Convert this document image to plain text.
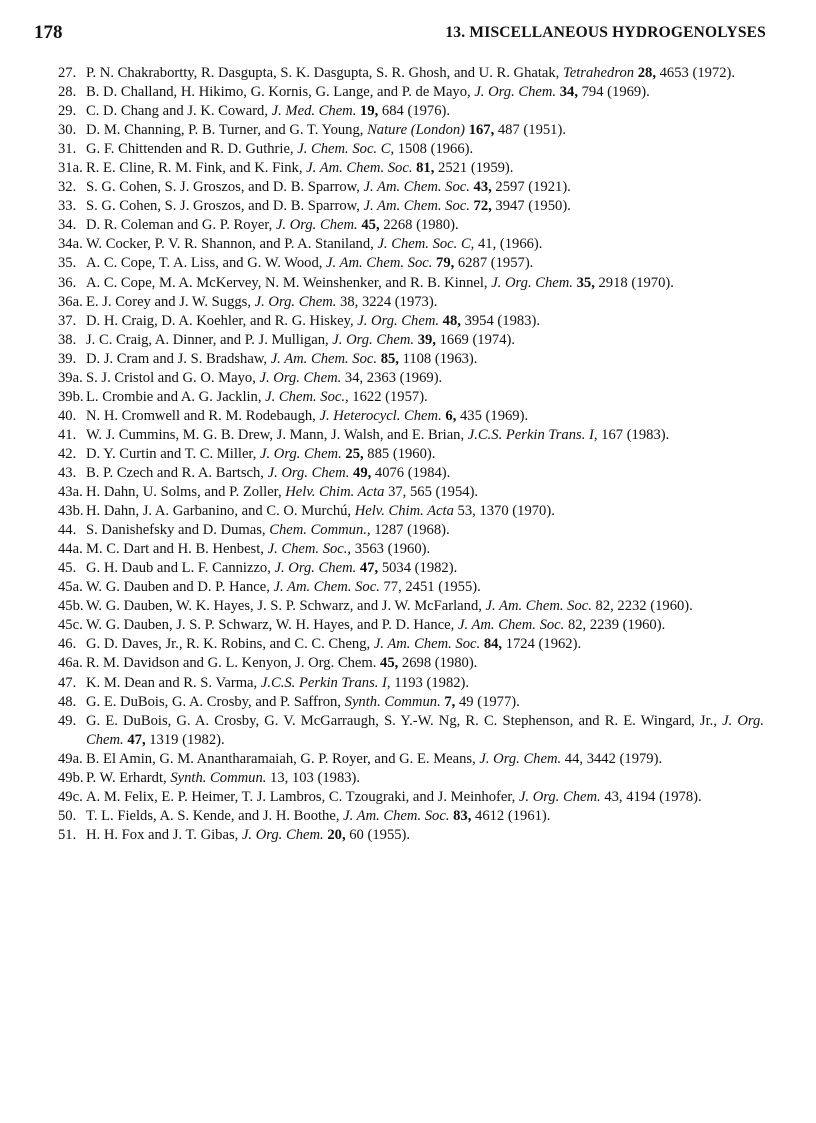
178	13. MISCELLANEOUS HYDROGENOLYSES
27. P. N. Chakrabortty, R. Dasgupta, S. K. Dasgupta, S. R. Ghosh, and U. R. Ghatak, Tetrahedron 28, 4653 (1972).
28. B. D. Challand, H. Hikimo, G. Kornis, G. Lange, and P. de Mayo, J. Org. Chem. 34, 794 (1969).
29. C. D. Chang and J. K. Coward, J. Med. Chem. 19, 684 (1976).
30. D. M. Channing, P. B. Turner, and G. T. Young, Nature (London) 167, 487 (1951).
31. G. F. Chittenden and R. D. Guthrie, J. Chem. Soc. C, 1508 (1966).
31a. R. E. Cline, R. M. Fink, and K. Fink, J. Am. Chem. Soc. 81, 2521 (1959).
32. S. G. Cohen, S. J. Groszos, and D. B. Sparrow, J. Am. Chem. Soc. 43, 2597 (1921).
33. S. G. Cohen, S. J. Groszos, and D. B. Sparrow, J. Am. Chem. Soc. 72, 3947 (1950).
34. D. R. Coleman and G. P. Royer, J. Org. Chem. 45, 2268 (1980).
34a. W. Cocker, P. V. R. Shannon, and P. A. Staniland, J. Chem. Soc. C, 41, (1966).
35. A. C. Cope, T. A. Liss, and G. W. Wood, J. Am. Chem. Soc. 79, 6287 (1957).
36. A. C. Cope, M. A. McKervey, N. M. Weinshenker, and R. B. Kinnel, J. Org. Chem. 35, 2918 (1970).
36a. E. J. Corey and J. W. Suggs, J. Org. Chem. 38, 3224 (1973).
37. D. H. Craig, D. A. Koehler, and R. G. Hiskey, J. Org. Chem. 48, 3954 (1983).
38. J. C. Craig, A. Dinner, and P. J. Mulligan, J. Org. Chem. 39, 1669 (1974).
39. D. J. Cram and J. S. Bradshaw, J. Am. Chem. Soc. 85, 1108 (1963).
39a. S. J. Cristol and G. O. Mayo, J. Org. Chem. 34, 2363 (1969).
39b. L. Crombie and A. G. Jacklin, J. Chem. Soc., 1622 (1957).
40. N. H. Cromwell and R. M. Rodebaugh, J. Heterocycl. Chem. 6, 435 (1969).
41. W. J. Cummins, M. G. B. Drew, J. Mann, J. Walsh, and E. Brian, J.C.S. Perkin Trans. I, 167 (1983).
42. D. Y. Curtin and T. C. Miller, J. Org. Chem. 25, 885 (1960).
43. B. P. Czech and R. A. Bartsch, J. Org. Chem. 49, 4076 (1984).
43a. H. Dahn, U. Solms, and P. Zoller, Helv. Chim. Acta 37, 565 (1954).
43b. H. Dahn, J. A. Garbanino, and C. O. Murchú, Helv. Chim. Acta 53, 1370 (1970).
44. S. Danishefsky and D. Dumas, Chem. Commun., 1287 (1968).
44a. M. C. Dart and H. B. Henbest, J. Chem. Soc., 3563 (1960).
45. G. H. Daub and L. F. Cannizzo, J. Org. Chem. 47, 5034 (1982).
45a. W. G. Dauben and D. P. Hance, J. Am. Chem. Soc. 77, 2451 (1955).
45b. W. G. Dauben, W. K. Hayes, J. S. P. Schwarz, and J. W. McFarland, J. Am. Chem. Soc. 82, 2232 (1960).
45c. W. G. Dauben, J. S. P. Schwarz, W. H. Hayes, and P. D. Hance, J. Am. Chem. Soc. 82, 2239 (1960).
46. G. D. Daves, Jr., R. K. Robins, and C. C. Cheng, J. Am. Chem. Soc. 84, 1724 (1962).
46a. R. M. Davidson and G. L. Kenyon, J. Org. Chem. 45, 2698 (1980).
47. K. M. Dean and R. S. Varma, J.C.S. Perkin Trans. I, 1193 (1982).
48. G. E. DuBois, G. A. Crosby, and P. Saffron, Synth. Commun. 7, 49 (1977).
49. G. E. DuBois, G. A. Crosby, G. V. McGarraugh, S. Y.-W. Ng, R. C. Stephenson, and R. E. Wingard, Jr., J. Org. Chem. 47, 1319 (1982).
49a. B. El Amin, G. M. Anantharamaiah, G. P. Royer, and G. E. Means, J. Org. Chem. 44, 3442 (1979).
49b. P. W. Erhardt, Synth. Commun. 13, 103 (1983).
49c. A. M. Felix, E. P. Heimer, T. J. Lambros, C. Tzougraki, and J. Meinhofer, J. Org. Chem. 43, 4194 (1978).
50. T. L. Fields, A. S. Kende, and J. H. Boothe, J. Am. Chem. Soc. 83, 4612 (1961).
51. H. H. Fox and J. T. Gibas, J. Org. Chem. 20, 60 (1955).
